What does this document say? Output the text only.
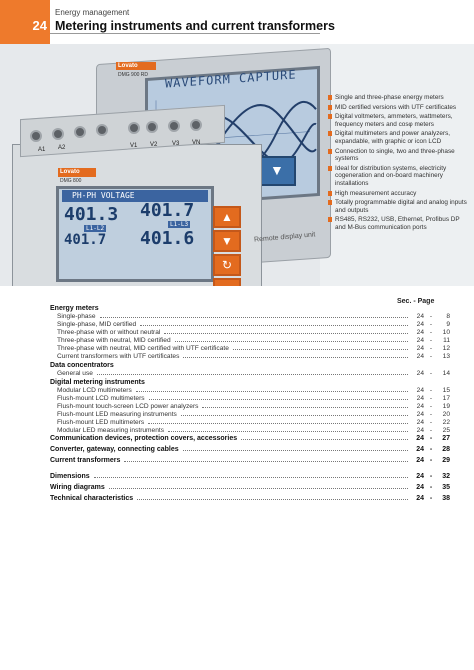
24
Energy management
Metering instruments and current transformers
Lovato
DMG 900 RD WAVEFORM CAPTURE
▼
A1 A2	V1 V2 V3 VN
Lovato
DMG 800
PH-PH VOLTAGE
401.3
L1-L2
401.7
L1-L3
401.7 401.6
▲
▼
↻
Remote display unit
Single and three-phase energy meters
MID certified versions with UTF certificates
Digital voltmeters, ammeters, wattmeters, frequency meters and cosφ meters
Digital multimeters and power analyzers, expandable, with graphic or icon LCD
Connection to single, two and three-phase systems
Ideal for distribution systems, electricity cogeneration and on-board machinery installations
High measurement accuracy
Totally programmable digital and analog inputs and outputs
RS485, RS232, USB, Ethernet, Profibus DP and M-Bus communication ports
Sec. - Page
Energy meters
Single-phase	24 -	8
Single-phase, MID certified	24 -	9
Three-phase with or without neutral	24 -	10
Three-phase with neutral, MID certified	24 -	11
Three-phase with neutral, MID certified with UTF certificate	24 -	12
Current transformers with UTF certificates	24 -	13
Data concentrators
General use	24 -	14
Digital metering instruments
Modular LCD multimeters	24 -	15
Flush-mount LCD multimeters	24 -	17
Flush-mount touch-screen LCD power analyzers	24 -	19
Flush-mount LED measuring instruments	24 -	20
Flush-mount LED multimeters	24 -	22
Modular LED measuring instruments	24 -	25
Communication devices, protection covers, accessories	24 -	27
Converter, gateway, connecting cables	24 -	28
Current transformers	24 -	29
Dimensions	24 -	32
Wiring diagrams	24 -	35
Technical characteristics	24 -	38
